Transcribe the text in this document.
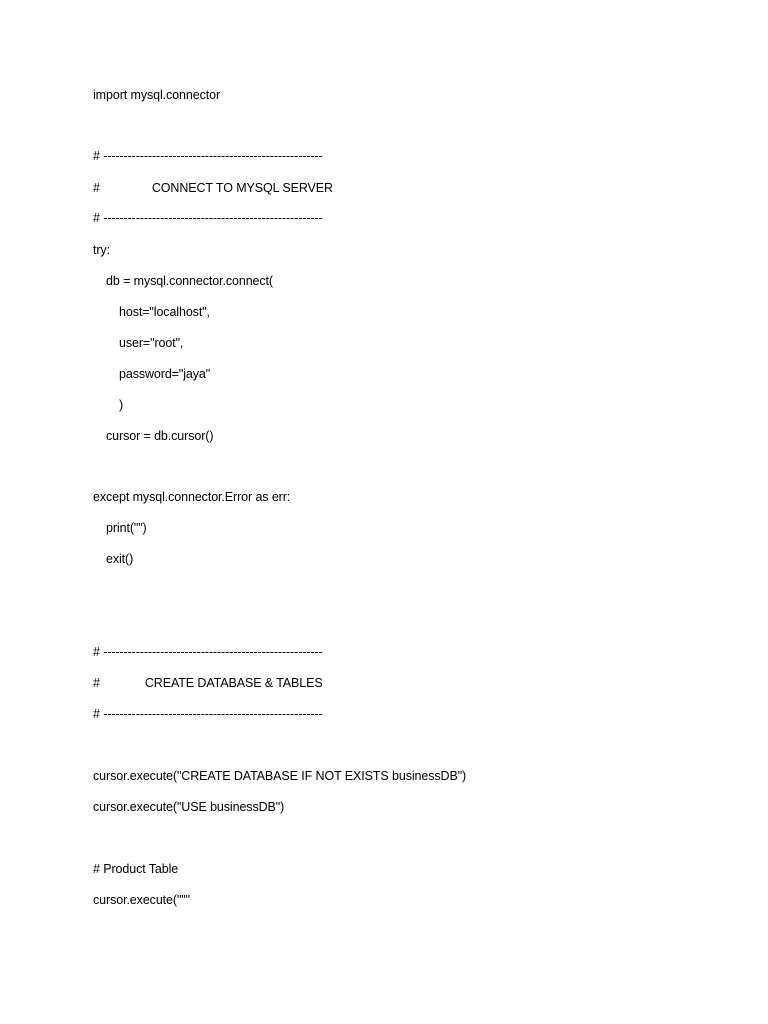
import mysql.connector
# ------------------------------------------------------
#	CONNECT TO MYSQL SERVER
# ------------------------------------------------------
try:
db = mysql.connector.connect(
host="localhost",
user="root",
password="jaya"
)
cursor = db.cursor()
except mysql.connector.Error as err:
print("")
exit()
# ------------------------------------------------------
#	CREATE DATABASE & TABLES
# ------------------------------------------------------
cursor.execute("CREATE DATABASE IF NOT EXISTS businessDB")
cursor.execute("USE businessDB")
# Product Table
cursor.execute("""
